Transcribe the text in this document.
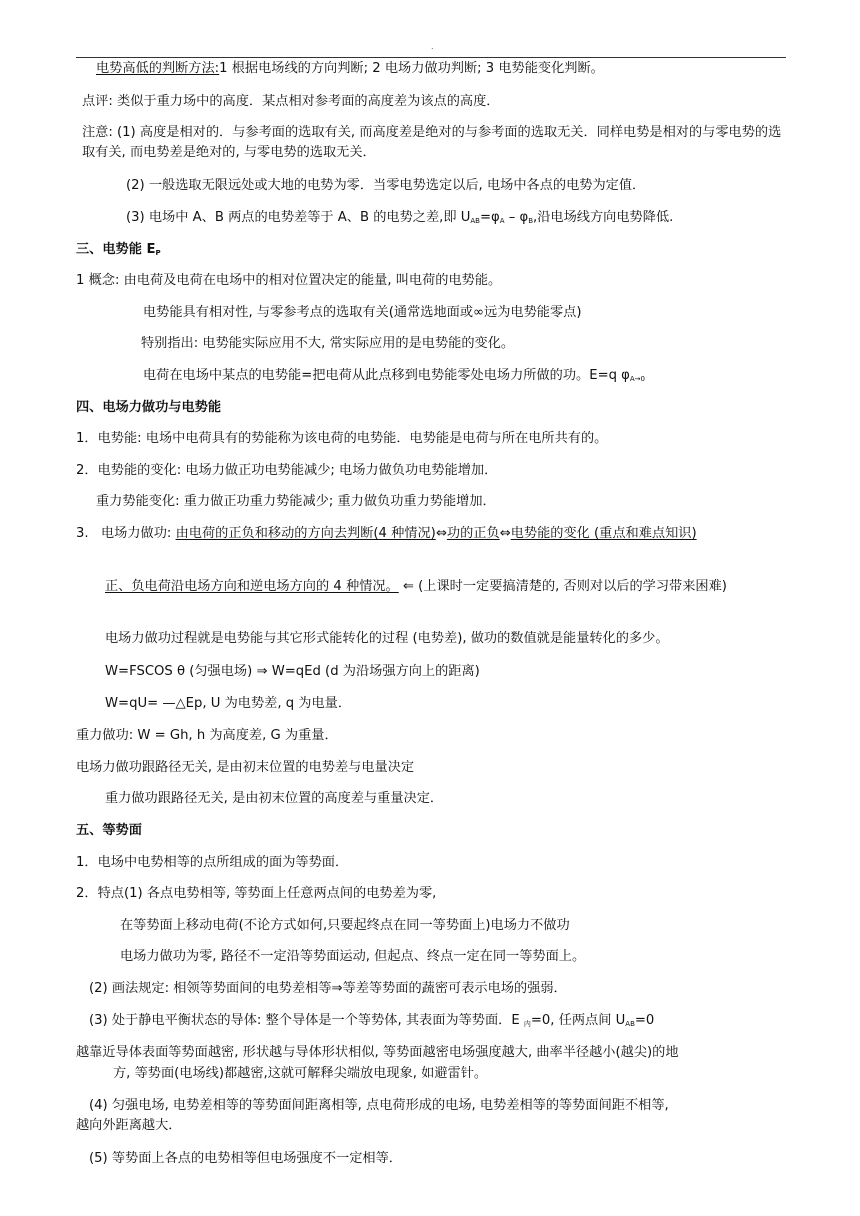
.
电势高低的判断方法:1 根据电场线的方向判断; 2 电场力做功判断; 3 电势能变化判断。
点评: 类似于重力场中的高度．某点相对参考面的高度差为该点的高度．
注意: (1) 高度是相对的．与参考面的选取有关, 而高度差是绝对的与参考面的选取无关．同样电势是相对的与零电势的选取有关, 而电势差是绝对的, 与零电势的选取无关．
(2) 一般选取无限远处或大地的电势为零．当零电势选定以后, 电场中各点的电势为定值．
(3) 电场中 A、B 两点的电势差等于 A、B 的电势之差,即 $U_{AB}=\varphi_A - \varphi_B$,沿电场线方向电势降低.
三、电势能 $E_P$
1 概念: 由电荷及电荷在电场中的相对位置决定的能量, 叫电荷的电势能。
电势能具有相对性, 与零参考点的选取有关(通常选地面或∞远为电势能零点)
特别指出: 电势能实际应用不大, 常实际应用的是电势能的变化。
电荷在电场中某点的电势能=把电荷从此点移到电势能零处电场力所做的功。E=q $\varphi_{A\to 0}$
四、电场力做功与电势能
1．电势能: 电场中电荷具有的势能称为该电荷的电势能．电势能是电荷与所在电所共有的。
2．电势能的变化: 电场力做正功电势能减少; 电场力做负功电势能增加．
重力势能变化: 重力做正功重力势能减少; 重力做负功重力势能增加．
3. 电场力做功: 由电荷的正负和移动的方向去判断(4 种情况)⇔功的正负⇔电势能的变化 (重点和难点知识)
正、负电荷沿电场方向和逆电场方向的 4 种情况。 ⇐ (上课时一定要搞清楚的, 否则对以后的学习带来困难)
电场力做功过程就是电势能与其它形式能转化的过程 (电势差), 做功的数值就是能量转化的多少。
W=FSCOS θ (匀强电场) ⇒ W=qEd (d 为沿场强方向上的距离)
W=qU= —△Ep, U 为电势差, q 为电量．
重力做功: W = Gh, h 为高度差, G 为重量．
电场力做功跟路径无关, 是由初末位置的电势差与电量决定
重力做功跟路径无关, 是由初末位置的高度差与重量决定．
五、等势面
1．电场中电势相等的点所组成的面为等势面．
2．特点(1) 各点电势相等, 等势面上任意两点间的电势差为零,
在等势面上移动电荷(不论方式如何,只要起终点在同一等势面上)电场力不做功
电场力做功为零, 路径不一定沿等势面运动, 但起点、终点一定在同一等势面上。
(2) 画法规定: 相领等势面间的电势差相等⇒等差等势面的蔬密可表示电场的强弱．
(3) 处于静电平衡状态的导体: 整个导体是一个等势体, 其表面为等势面．E $_内$=0, 任两点间 $U_{AB}=0$
越靠近导体表面等势面越密, 形状越与导体形状相似, 等势面越密电场强度越大, 曲率半径越小(越尖)的地
方, 等势面(电场线)都越密,这就可解释尖端放电现象, 如避雷针。
(4) 匀强电场, 电势差相等的等势面间距离相等, 点电荷形成的电场, 电势差相等的等势面间距不相等,
越向外距离越大．
(5) 等势面上各点的电势相等但电场强度不一定相等．
